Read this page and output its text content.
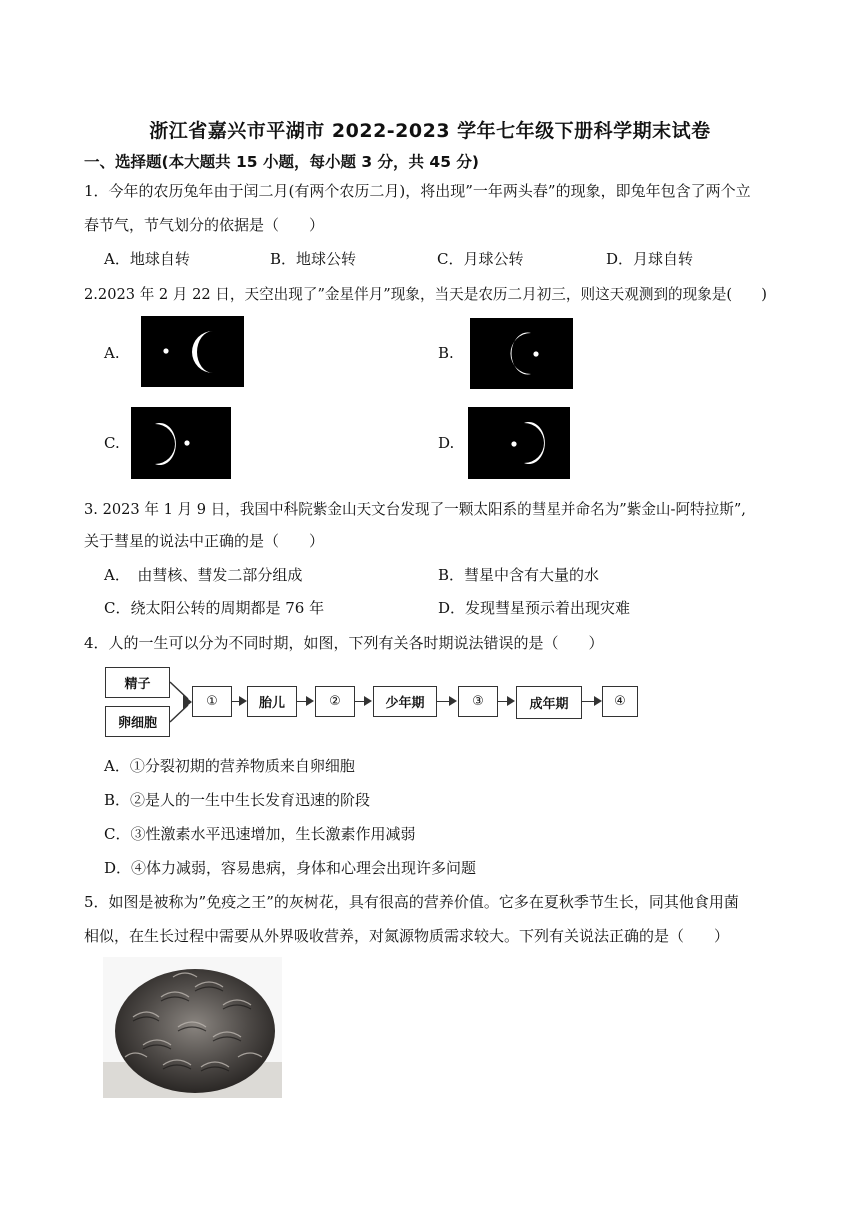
浙江省嘉兴市平湖市 2022-2023 学年七年级下册科学期末试卷
一、选择题(本大题共 15 小题，每小题 3 分，共 45 分)
1．今年的农历兔年由于闰二月(有两个农历二月)，将出现”一年两头春”的现象，即兔年包含了两个立
春节气，节气划分的依据是（　　）
A．地球自转	B．地球公转	C．月球公转	D．月球自转
2.2023 年 2 月 22 日，天空出现了”金星伴月”现象，当天是农历二月初三，则这天观测到的现象是(　　)
A.	B.
C.	D.
3. 2023 年 1 月 9 日，我国中科院紫金山天文台发现了一颗太阳系的彗星并命名为”紫金山-阿特拉斯”,
关于彗星的说法中正确的是（　　）
A．　由彗核、彗发二部分组成	B．彗星中含有大量的水
C．绕太阳公转的周期都是 76 年	D．发现彗星预示着出现灾难
4．人的一生可以分为不同时期，如图，下列有关各时期说法错误的是（　　）
精子
卵细胞
①	胎儿	②	少年期	③	成年期	④
A．①分裂初期的营养物质来自卵细胞
B．②是人的一生中生长发育迅速的阶段
C．③性激素水平迅速增加，生长激素作用减弱
D．④体力减弱，容易患病，身体和心理会出现许多问题
5．如图是被称为”免疫之王”的灰树花，具有很高的营养价值。它多在夏秋季节生长，同其他食用菌
相似，在生长过程中需要从外界吸收营养，对氮源物质需求较大。下列有关说法正确的是（　　）
